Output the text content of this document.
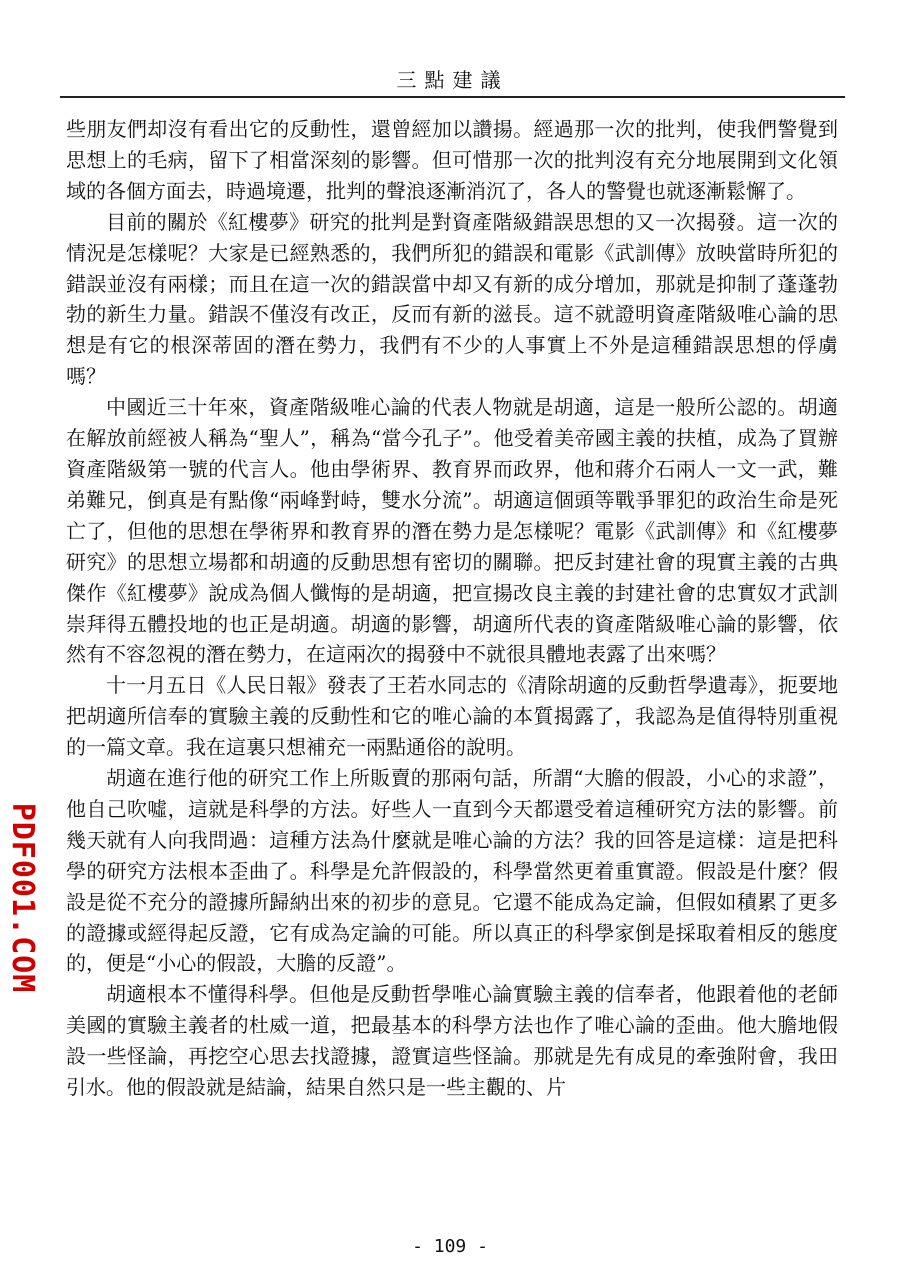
三點建議

些朋友們却沒有看出它的反動性，還曾經加以讚揚。經過那一次的批判，使我們警覺到思想上的毛病，留下了相當深刻的影響。但可惜那一次的批判沒有充分地展開到文化領域的各個方面去，時過境遷，批判的聲浪逐漸消沉了，各人的警覺也就逐漸鬆懈了。

目前的關於《紅樓夢》研究的批判是對資產階級錯誤思想的又一次揭發。這一次的情況是怎樣呢？大家是已經熟悉的，我們所犯的錯誤和電影《武訓傳》放映當時所犯的錯誤並沒有兩樣；而且在這一次的錯誤當中却又有新的成分增加，那就是抑制了蓬蓬勃勃的新生力量。錯誤不僅沒有改正，反而有新的滋長。這不就證明資產階級唯心論的思想是有它的根深蒂固的潛在勢力，我們有不少的人事實上不外是這種錯誤思想的俘虜嗎？

中國近三十年來，資產階級唯心論的代表人物就是胡適，這是一般所公認的。胡適在解放前經被人稱為“聖人”，稱為“當今孔子”。他受着美帝國主義的扶植，成為了買辦資產階級第一號的代言人。他由學術界、教育界而政界，他和蔣介石兩人一文一武，難弟難兄，倒真是有點像“兩峰對峙，雙水分流”。胡適這個頭等戰爭罪犯的政治生命是死亡了，但他的思想在學術界和教育界的潛在勢力是怎樣呢？電影《武訓傳》和《紅樓夢研究》的思想立場都和胡適的反動思想有密切的關聯。把反封建社會的現實主義的古典傑作《紅樓夢》說成為個人懺悔的是胡適，把宣揚改良主義的封建社會的忠實奴才武訓崇拜得五體投地的也正是胡適。胡適的影響，胡適所代表的資產階級唯心論的影響，依然有不容忽視的潛在勢力，在這兩次的揭發中不就很具體地表露了出來嗎？

十一月五日《人民日報》發表了王若水同志的《清除胡適的反動哲學遺毒》，扼要地把胡適所信奉的實驗主義的反動性和它的唯心論的本質揭露了，我認為是值得特別重視的一篇文章。我在這裏只想補充一兩點通俗的說明。

胡適在進行他的研究工作上所販賣的那兩句話，所謂“大膽的假設，小心的求證”，他自己吹噓，這就是科學的方法。好些人一直到今天都還受着這種研究方法的影響。前幾天就有人向我問過：這種方法為什麼就是唯心論的方法？我的回答是這樣：這是把科學的研究方法根本歪曲了。科學是允許假設的，科學當然更着重實證。假設是什麼？假設是從不充分的證據所歸納出來的初步的意見。它還不能成為定論，但假如積累了更多的證據或經得起反證，它有成為定論的可能。所以真正的科學家倒是採取着相反的態度的，便是“小心的假設，大膽的反證”。

胡適根本不懂得科學。但他是反動哲學唯心論實驗主義的信奉者，他跟着他的老師美國的實驗主義者的杜威一道，把最基本的科學方法也作了唯心論的歪曲。他大膽地假設一些怪論，再挖空心思去找證據，證實這些怪論。那就是先有成見的牽強附會，我田引水。他的假設就是結論，結果自然只是一些主觀的、片

PDF001.COM
- 109 -
